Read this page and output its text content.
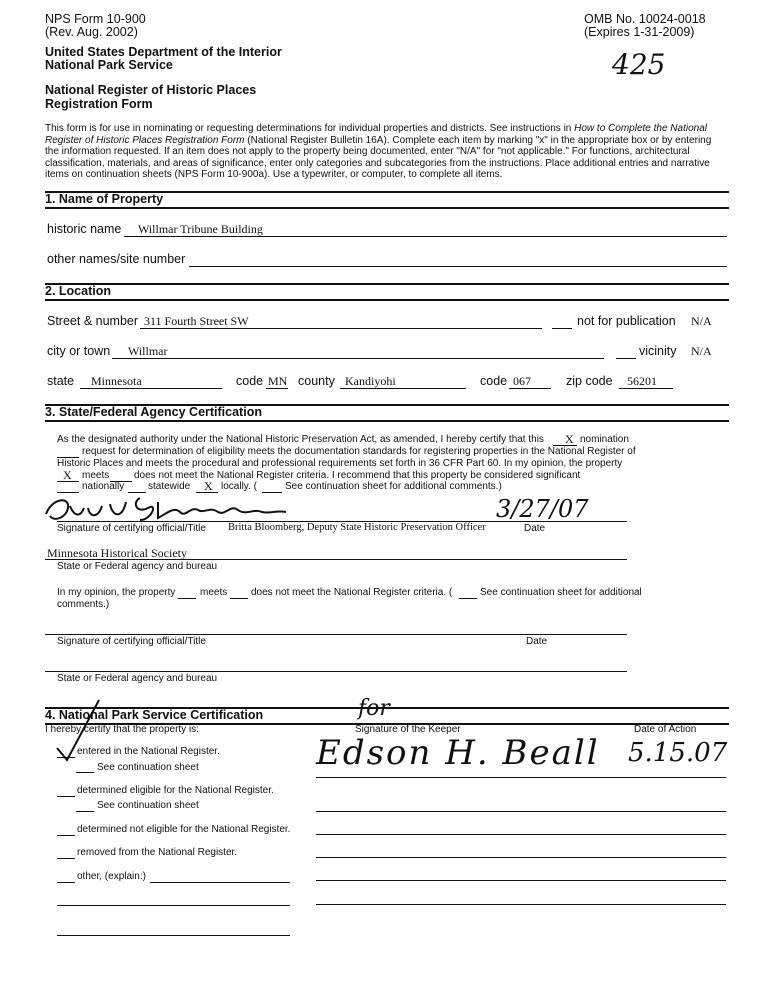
NPS Form 10-900
(Rev. Aug. 2002)
OMB No. 10024-0018
(Expires 1-31-2009)
425
United States Department of the Interior
National Park Service
National Register of Historic Places
Registration Form
This form is for use in nominating or requesting determinations for individual properties and districts. See instructions in How to Complete the National
Register of Historic Places Registration Form (National Register Bulletin 16A). Complete each item by marking "x" in the appropriate box or by entering
the information requested. If an item does not apply to the property being documented, enter "N/A" for "not applicable." For functions, architectural
classification, materials, and areas of significance, enter only categories and subcategories from the instructions. Place additional entries and narrative
items on continuation sheets (NPS Form 10-900a). Use a typewriter, or computer, to complete all items.
1. Name of Property
historic name Willmar Tribune Building
other names/site number
2. Location
Street & number 311 Fourth Street SW	not for publication N/A
city or town Willmar	vicinity N/A
state Minnesota	code MN county Kandiyohi	code 067	zip code 56201
3. State/Federal Agency Certification
As the designated authority under the National Historic Preservation Act, as amended, I hereby certify that this X nomination
request for determination of eligibility meets the documentation standards for registering properties in the National Register of
Historic Places and meets the procedural and professional requirements set forth in 36 CFR Part 60. In my opinion, the property
X meets does not meet the National Register criteria. I recommend that this property be considered significant
nationally statewide X locally. (	See continuation sheet for additional comments.)
3/27/07
Signature of certifying official/Title Britta Bloomberg, Deputy State Historic Preservation Officer	Date
Minnesota Historical Society
State or Federal agency and bureau
In my opinion, the property meets does not meet the National Register criteria. (	See continuation sheet for additional
comments.)
Signature of certifying official/Title	Date
State or Federal agency and bureau
4. National Park Service Certification
I hereby certify that the property is:	Signature of the Keeper	Date of Action
for
entered in the National Register.
See continuation sheet	Edson H. Beall 5.15.07
determined eligible for the National Register.
See continuation sheet
determined not eligible for the National Register.
removed from the National Register.
other, (explain:)
